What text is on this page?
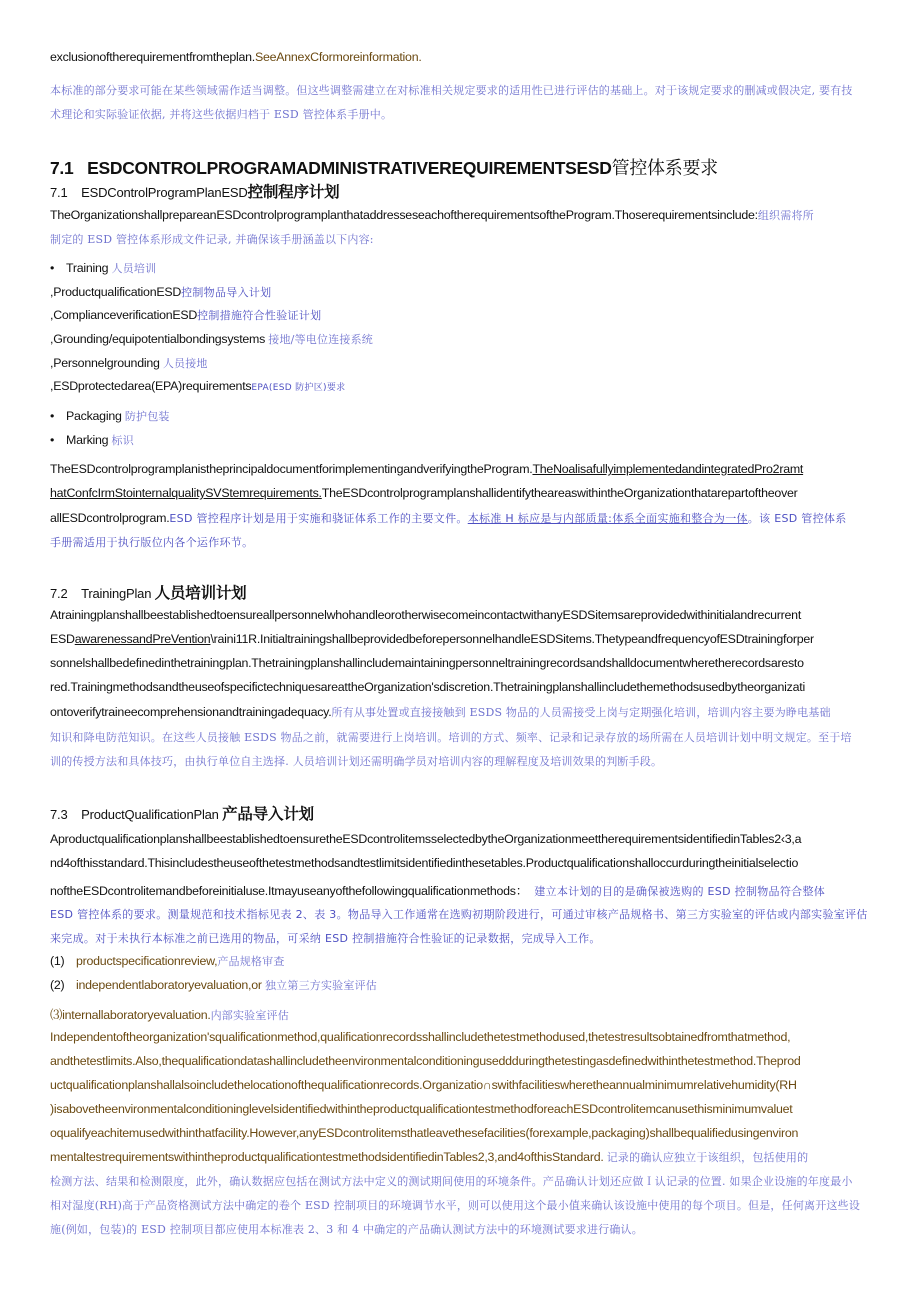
exclusionoftherequirementfromtheplan.SeeAnnexCformoreinformation.
本标准的部分要求可能在某些领域需作适当调整。但这些调整需建立在对标准相关规定要求的适用性已进行评估的基础上。对于该规定要求的删减或假决定, 要有技
术理论和实际验证依据, 并将这些依据归档于 ESD 管控体系手册中。
7.1 ESDCONTROLPROGRAMADMINISTRATIVEREQUIREMENTSESD管控体系要求
7.1 ESDControlProgramPlanESD控制程序计划
TheOrganizationshallprepareanESDcontrolprogramplanthataddresseseachoftherequirementsoftheProgram.Thoserequirementsinclude:组织需将所
制定的 ESD 管控体系形成文件记录, 并确保该手册涵盖以下内容:
• Training 人员培训
,ProductqualificationESD控制物品导入计划
,ComplianceverificationESD控制措施符合性验证计划
,Grounding/equipotentialbondingsystems 接地/等电位连接系统
,Personnelgrounding 人员接地
,ESDprotectedarea(EPA)requirementsEPA(ESD 防护区)要求
• Packaging 防护包装
• Marking 标识
TheESDcontrolprogramplanistheprincipaldocumentforimplementingandverifyingtheProgram.TheNoalisafullyimplementedandintegratedPro2ramt
hatConfcIrmStointernalqualitySVStemrequirements.TheESDcontrolprogramplanshallidentifytheareaswithintheOrganizationthatarepartoftheover
allESDcontrolprogram.ESD 管控程序计划是用于实施和骁证体系工作的主要文件。本标准 H 标应是与内部质量:体系全面实施和整合为一体。该 ESD 管控体系
手册需适用于执行版位内各个运作环节。
7.2 TrainingPlan 人员培训计划
AtrainingplanshallbeestablishedtoensureallpersonnelwhohandleorotherwisecomeincontactwithanyESDSitemsareprovidedwithinitialandrecurrent
ESDawarenessandPreVention\raini11R.InitialtrainingshallbeprovidedbeforepersonnelhandleESDSitems.ThetypeandfrequencyofESDtrainingforper
sonnelshallbedefinedinthetrainingplan.Thetrainingplanshallincludemaintainingpersonneltrainingrecordsandshalldocumentwheretherecordsaresto
red.TrainingmethodsandtheuseofspecifictechniquesareattheOrganization'sdiscretion.Thetrainingplanshallincludethemethodsusedbytheorganizati
ontoverifytraineecomprehensionandtrainingadequacy.所有从事处置或直接接触到 ESDS 物品的人员需接受上岗与定期强化培训，培训内容主要为睁电基础
知识和降电防范知识。在这些人员接触 ESDS 物品之前，就需要进行上岗培训。培训的方式、频率、记录和记录存放的场所需在人员培训计划中明文规定。至于培
训的传授方法和具体技巧，由执行单位自主选择. 人员培训计划还需明确学员对培训内容的理解程度及培训效果的判断手段。
7.3 ProductQualificationPlan 产品导入计划
AproductqualificationplanshallbeestablishedtoensuretheESDcontrolitemsselectedbytheOrganizationmeettherequirementsidentifiedinTables2‹3,a
nd4ofthisstandard.Thisincludestheuseofthetestmethodsandtestlimitsidentifiedinthesetables.Productqualificationshalloccurduringtheinitialselectio
noftheESDcontrolitemandbeforeinitialuse.Itmayuseanyofthefollowingqualificationmethods： 建立本计划的目的是确保被选购的 ESD 控制物品符合整体
ESD 管控体系的要求。测量规范和技术指标见表 2、表 3。物品导入工作通常在选购初期阶段进行，可通过审核产品规格书、第三方实验室的评估或内部实验室评估
来完成。对于未执行本标准之前已选用的物品，可采纳 ESD 控制措施符合性验证的记录数据，完成导入工作。
(1) productspecificationreview,产品规格审查
(2) independentlaboratoryevaluation,or 独立第三方实验室评估
⑶internallaboratoryevaluation.内部实验室评估
Independentoftheorganization'squalificationmethod,qualificationrecordsshallincludethetestmethodused,thetestresultsobtainedfromthatmethod,
andthetestlimits.Also,thequalificationdatashallincludetheenvironmentalconditioninguseddduringthetestingasdefinedwithinthetestmethod.Theprod
uctqualificationplanshallalsoincludethelocationofthequalificationrecords.Organizatio∩swithfacilitieswheretheannualminimumrelativehumidity(RH
)isabovetheenvironmentalconditioninglevelsidentifiedwithintheproductqualificationtestmethodforeachESDcontrolitemcanusethisminimumvaluet
oqualifyeachitemusedwithinthatfacility.However,anyESDcontrolitemsthatleavethesefacilities(forexample,packaging)shallbequalifiedusingenviron
mentaltestrequirementswithintheproductqualificationtestmethodsidentifiedinTables2,3,and4ofthisStandard. 记录的确认应独立于该组织，包括使用的
检测方法、结果和检测限度，此外，确认数据应包括在测试方法中定义的测试期间使用的环境条件。产品确认计划还应做Ｉ认记录的位置. 如果企业设施的年度最小
相对湿度(RH)高于产品资格测试方法中确定的卷个 ESD 控制项目的环境调节水平，则可以使用这个最小值来确认该设施中使用的每个项目。但是，任何离开这些设
施(例如，包装)的 ESD 控制项目都应使用本标准表 2、3 和 4 中确定的产品确认测试方法中的环境测试要求进行确认。
